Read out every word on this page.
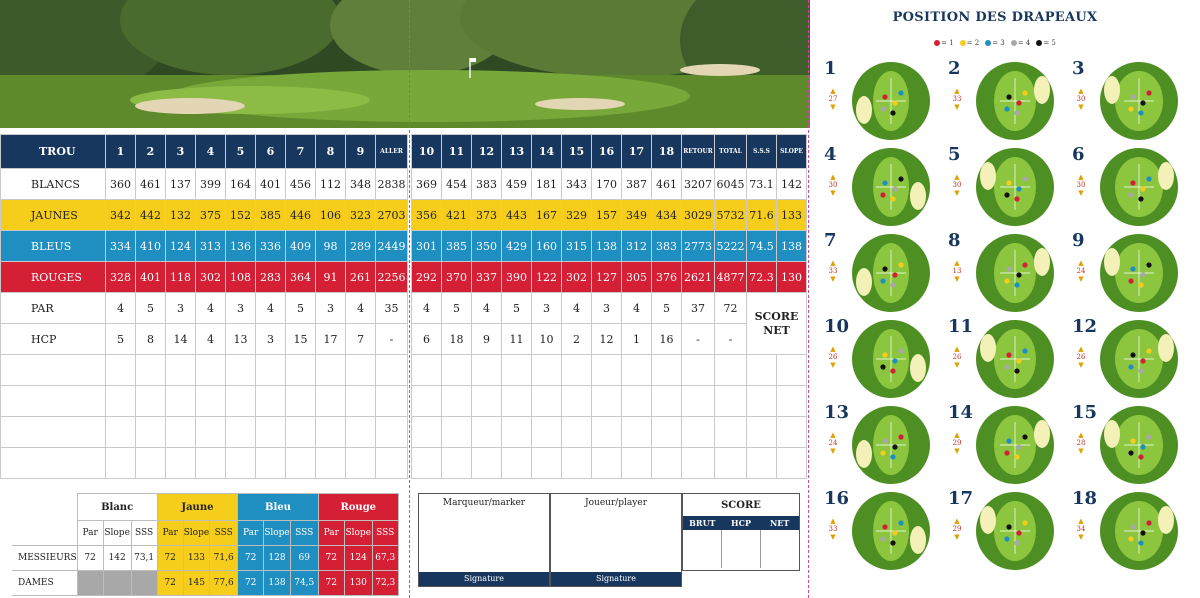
TROU	1	2	3	4	5	6	7	8	9	ALLER		10	11	12	13	14	15	16	17	18	RETOUR	TOTAL	S.S.S	SLOPE
BLANCS	360	461	137	399	164	401	456	112	348	2838		369	454	383	459	181	343	170	387	461	3207	6045	73.1	142
JAUNES	342	442	132	375	152	385	446	106	323	2703		356	421	373	443	167	329	157	349	434	3029	5732	71.6	133
BLEUS	334	410	124	313	136	336	409	98	289	2449		301	385	350	429	160	315	138	312	383	2773	5222	74.5	138
ROUGES	328	401	118	302	108	283	364	91	261	2256		292	370	337	390	122	302	127	305	376	2621	4877	72.3	130
PAR	4	5	3	4	3	4	5	3	4	35		4	5	4	5	3	4	3	4	5	37	72	SCORE NET	
HCP	5	8	14	4	13	3	15	17	7	-		6	18	9	11	10	2	12	1	16	-	-		

	Blanc			Jaune			Bleu			Rouge		
	Par	Slope	SSS	Par	Slope	SSS	Par	Slope	SSS	Par	Slope	SSS
MESSIEURS	72	142	73,1	72	133	71,6	72	128	69	72	124	67,3
DAMES				72	145	77,6	72	138	74,5	72	130	72,3
Marqueur/marker
Signature
Joueur/player
Signature
SCORE
BRUT	HCP	NET
POSITION DES DRAPEAUX
= 1 = 2 = 3 = 4 = 5
1
▲
27
▼
2
▲
33
▼
3
▲
30
▼
4
▲
30
▼
5
▲
30
▼
6
▲
30
▼
7
▲
33
▼
8
▲
13
▼
9
▲
24
▼
10
▲
26
▼
11
▲
26
▼
12
▲
26
▼
13
▲
24
▼
14
▲
29
▼
15
▲
28
▼
16
▲
33
▼
17
▲
29
▼
18
▲
34
▼
